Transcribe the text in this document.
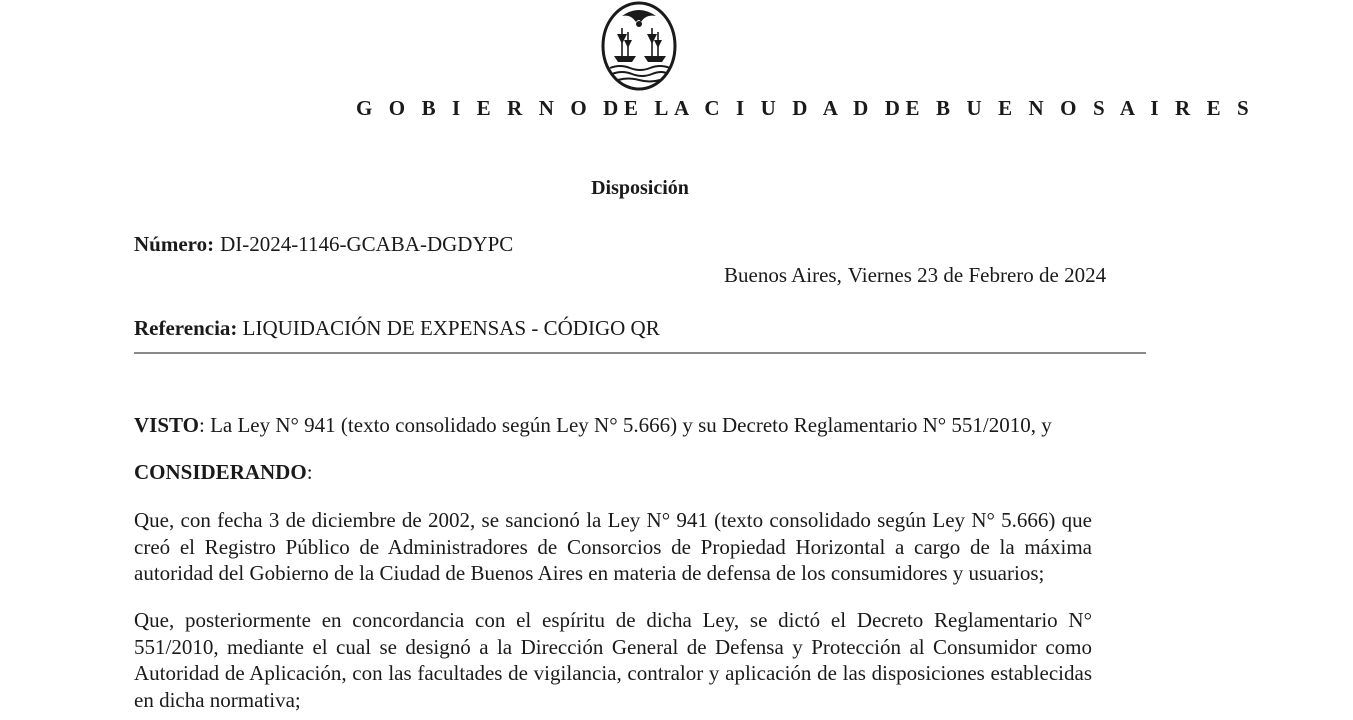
G O B I E R N O DE LA C I U D A D DE B U E N O S A I R E S
Disposición
Número: DI-2024-1146-GCABA-DGDYPC
Buenos Aires, Viernes 23 de Febrero de 2024
Referencia: LIQUIDACIÓN DE EXPENSAS - CÓDIGO QR
VISTO: La Ley N° 941 (texto consolidado según Ley N° 5.666) y su Decreto Reglamentario N° 551/2010, y
CONSIDERANDO:
Que, con fecha 3 de diciembre de 2002, se sancionó la Ley N° 941 (texto consolidado según Ley N° 5.666) que creó el Registro Público de Administradores de Consorcios de Propiedad Horizontal a cargo de la máxima autoridad del Gobierno de la Ciudad de Buenos Aires en materia de defensa de los consumidores y usuarios;
Que, posteriormente en concordancia con el espíritu de dicha Ley, se dictó el Decreto Reglamentario N° 551/2010, mediante el cual se designó a la Dirección General de Defensa y Protección al Consumidor como Autoridad de Aplicación, con las facultades de vigilancia, contralor y aplicación de las disposiciones establecidas en dicha normativa;
